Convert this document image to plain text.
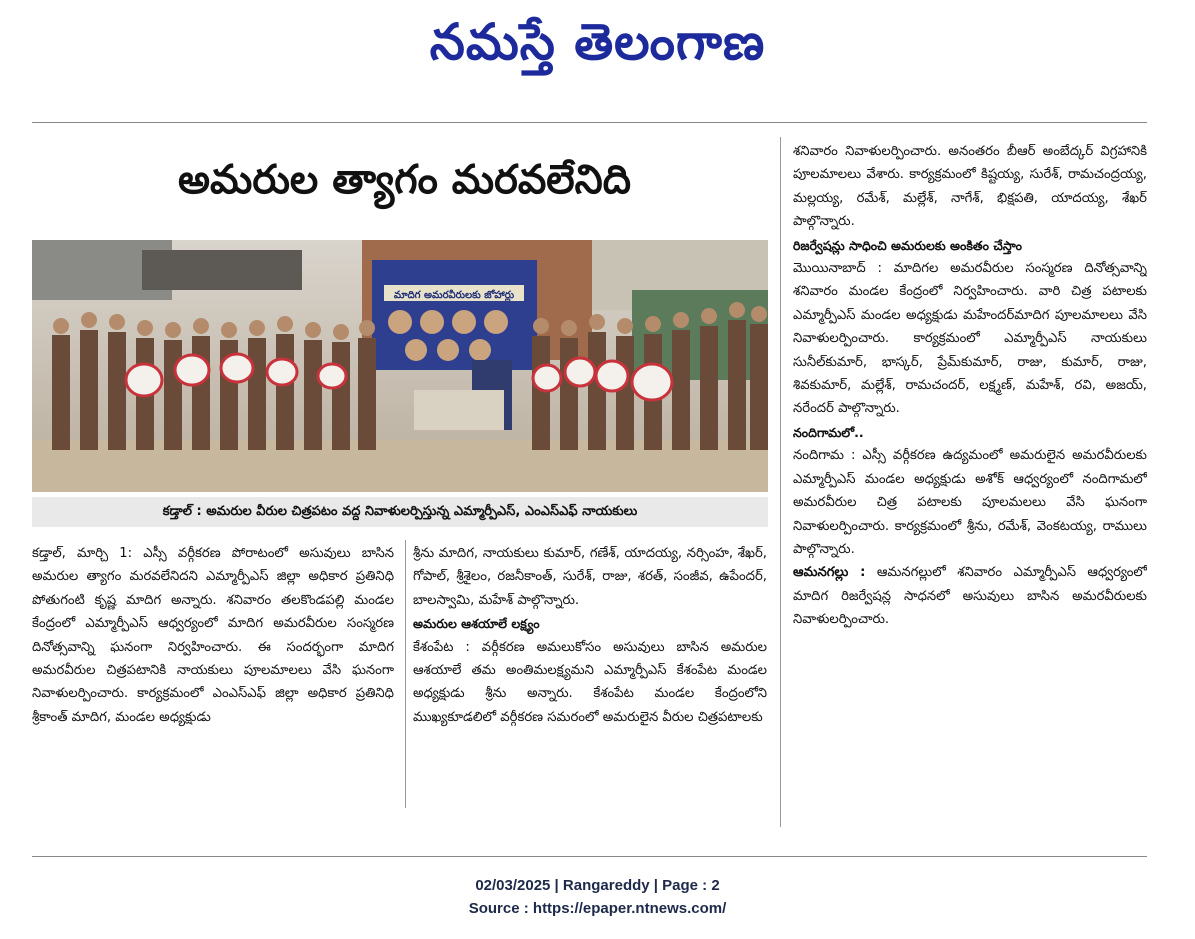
నమస్తే తెలంగాణ
అమరుల త్యాగం మరవలేనిది
మాదిగ అమరవీరులకు జోహార్లు
కడ్తాల్ : అమరుల వీరుల చిత్రపటం వద్ద నివాళులర్పిస్తున్న ఎమ్మార్పీఎస్, ఎంఎస్ఎఫ్ నాయకులు

కడ్తాల్, మార్చి 1: ఎస్సీ వర్గీకరణ పోరాటంలో అసువులు బాసిన అమరుల త్యాగం మరవలేనిదని ఎమ్మార్పీఎస్ జిల్లా అధికార ప్రతినిధి పోతుగంటి కృష్ణ మాదిగ అన్నారు. శనివారం తలకొండపల్లి మండల కేంద్రంలో ఎమ్మార్పీఎస్ ఆధ్వర్యంలో మాదిగ అమరవీరుల సంస్మరణ దినోత్సవాన్ని ఘనంగా నిర్వహించారు. ఈ సందర్భంగా మాదిగ అమరవీరుల చిత్రపటానికి నాయకులు పూలమాలలు వేసి ఘనంగా నివాళులర్పించారు. కార్యక్రమంలో ఎంఎస్ఎఫ్ జిల్లా అధికార ప్రతినిధి శ్రీకాంత్ మాదిగ, మండల అధ్యక్షుడు

శ్రీను మాదిగ, నాయకులు కుమార్, గణేశ్, యాదయ్య, నర్సింహ, శేఖర్, గోపాల్, శ్రీశైలం, రజనీకాంత్, సురేశ్, రాజు, శరత్, సంజీవ, ఉపేందర్, బాలస్వామి, మహేశ్ పాల్గొన్నారు.

అమరుల ఆశయాలే లక్ష్యం

కేశంపేట : వర్గీకరణ అమలుకోసం అసువులు బాసిన అమరుల ఆశయాలే తమ అంతిమలక్ష్యమని ఎమ్మార్పీఎస్ కేశంపేట మండల అధ్యక్షుడు శ్రీను అన్నారు. కేశంపేట మండల కేంద్రంలోని ముఖ్యకూడలిలో వర్గీకరణ సమరంలో అమరులైన వీరుల చిత్రపటాలకు

శనివారం నివాళులర్పించారు. అనంతరం బీఆర్ అంబేద్కర్ విగ్రహానికి పూలమాలలు వేశారు. కార్యక్రమంలో కిష్టయ్య, సురేశ్, రామచంద్రయ్య, మల్లయ్య, రమేశ్, మల్లేశ్, నాగేశ్, భిక్షపతి, యాదయ్య, శేఖర్ పాల్గొన్నారు.

రిజర్వేషన్లు సాధించి అమరులకు అంకితం చేస్తాం

మొయినాబాద్ : మాదిగల అమరవీరుల సంస్మరణ దినోత్సవాన్ని శనివారం మండల కేంద్రంలో నిర్వహించారు. వారి చిత్ర పటాలకు ఎమ్మార్పీఎస్ మండల అధ్యక్షుడు మహేందర్‌మాదిగ పూలమాలలు వేసి నివాళులర్పించారు. కార్యక్రమంలో ఎమ్మార్పీఎస్ నాయకులు సునీల్‌కుమార్, భాస్కర్, ప్రేమ్‌కుమార్, రాజు, కుమార్, రాజు, శివకుమార్, మల్లేశ్, రామచందర్, లక్ష్మణ్, మహేశ్, రవి, అజయ్, నరేందర్ పాల్గొన్నారు.

నందిగామలో..

నందిగామ : ఎస్సీ వర్గీకరణ ఉద్యమంలో అమరులైన అమరవీరులకు ఎమ్మార్పీఎస్ మండల అధ్యక్షుడు అశోక్ ఆధ్వర్యంలో నందిగామలో అమరవీరుల చిత్ర పటాలకు పూలమలలు వేసి ఘనంగా నివాళులర్పించారు. కార్యక్రమంలో శ్రీను, రమేశ్, వెంకటయ్య, రాములు పాల్గొన్నారు.

ఆమనగల్లు : ఆమనగల్లులో శనివారం ఎమ్మార్పీఎస్ ఆధ్వర్యంలో మాదిగ రిజర్వేషన్ల సాధనలో అసువులు బాసిన అమరవీరులకు నివాళులర్పించారు.

02/03/2025 | Rangareddy | Page : 2
Source : https://epaper.ntnews.com/
